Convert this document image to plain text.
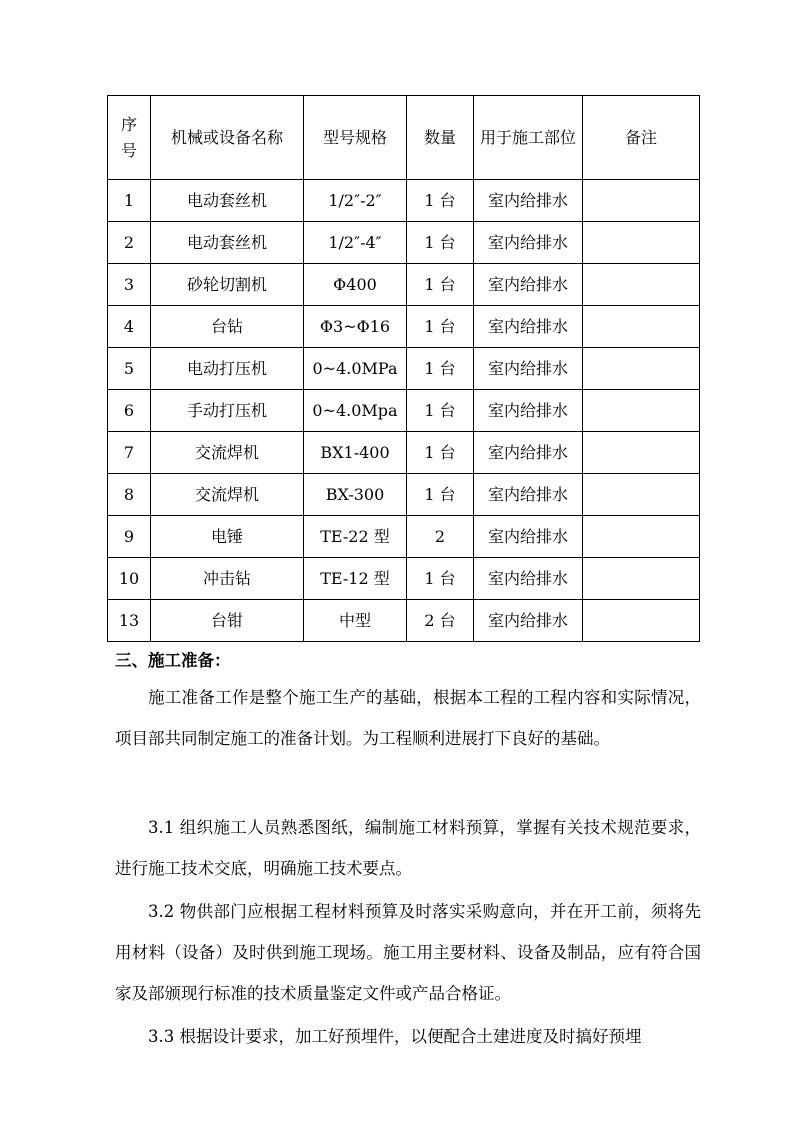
序号	机械或设备名称	型号规格	数量	用于施工部位	备注
1	电动套丝机	1/2″-2″	1 台	室内给排水	
2	电动套丝机	1/2″-4″	1 台	室内给排水	
3	砂轮切割机	Φ400	1 台	室内给排水	
4	台钻	Φ3~Φ16	1 台	室内给排水	
5	电动打压机	0~4.0MPa	1 台	室内给排水	
6	手动打压机	0~4.0Mpa	1 台	室内给排水	
7	交流焊机	BX1-400	1 台	室内给排水	
8	交流焊机	BX-300	1 台	室内给排水	
9	电锤	TE-22 型	2	室内给排水	
10	冲击钻	TE-12 型	1 台	室内给排水	
13	台钳	中型	2 台	室内给排水	
三、施工准备：

施工准备工作是整个施工生产的基础，根据本工程的工程内容和实际情况，项目部共同制定施工的准备计划。为工程顺利进展打下良好的基础。

3.1 组织施工人员熟悉图纸，编制施工材料预算，掌握有关技术规范要求，进行施工技术交底，明确施工技术要点。

3.2 物供部门应根据工程材料预算及时落实采购意向，并在开工前，须将先用材料（设备）及时供到施工现场。施工用主要材料、设备及制品，应有符合国家及部颁现行标准的技术质量鉴定文件或产品合格证。

3.3 根据设计要求，加工好预埋件，以便配合土建进度及时搞好预埋
